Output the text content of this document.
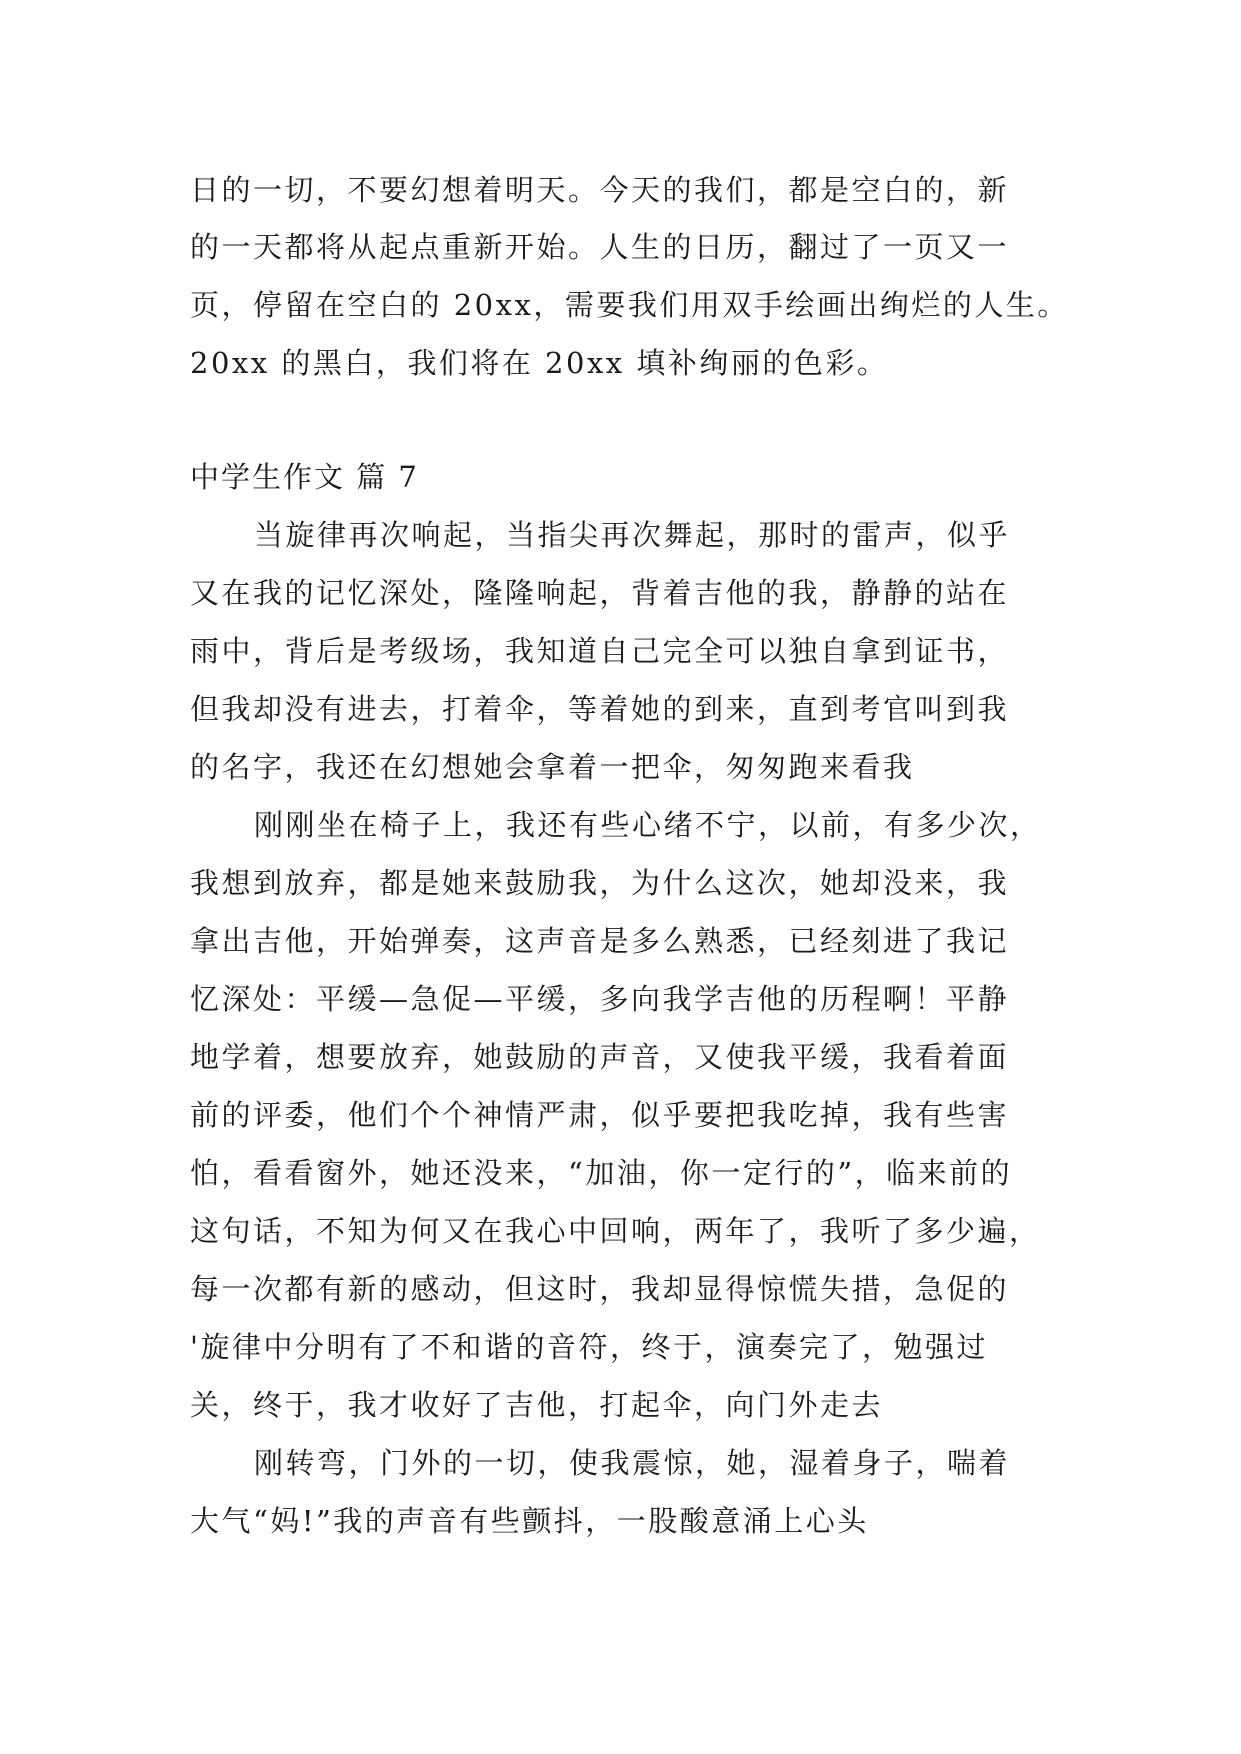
日的一切，不要幻想着明天。今天的我们，都是空白的，新
的一天都将从起点重新开始。人生的日历，翻过了一页又一
页，停留在空白的 20xx，需要我们用双手绘画出绚烂的人生。
20xx 的黑白，我们将在 20xx 填补绚丽的色彩。
中学生作文 篇 7
当旋律再次响起，当指尖再次舞起，那时的雷声，似乎
又在我的记忆深处，隆隆响起，背着吉他的我，静静的站在
雨中，背后是考级场，我知道自己完全可以独自拿到证书，
但我却没有进去，打着伞，等着她的到来，直到考官叫到我
的名字，我还在幻想她会拿着一把伞，匆匆跑来看我
刚刚坐在椅子上，我还有些心绪不宁，以前，有多少次，
我想到放弃，都是她来鼓励我，为什么这次，她却没来，我
拿出吉他，开始弹奏，这声音是多么熟悉，已经刻进了我记
忆深处：平缓—急促—平缓，多向我学吉他的历程啊！平静
地学着，想要放弃，她鼓励的声音，又使我平缓，我看着面
前的评委，他们个个神情严肃，似乎要把我吃掉，我有些害
怕，看看窗外，她还没来，“加油，你一定行的”，临来前的
这句话，不知为何又在我心中回响，两年了，我听了多少遍，
每一次都有新的感动，但这时，我却显得惊慌失措，急促的
'旋律中分明有了不和谐的音符，终于，演奏完了，勉强过
关，终于，我才收好了吉他，打起伞，向门外走去
刚转弯，门外的一切，使我震惊，她，湿着身子，喘着
大气“妈!”我的声音有些颤抖，一股酸意涌上心头
